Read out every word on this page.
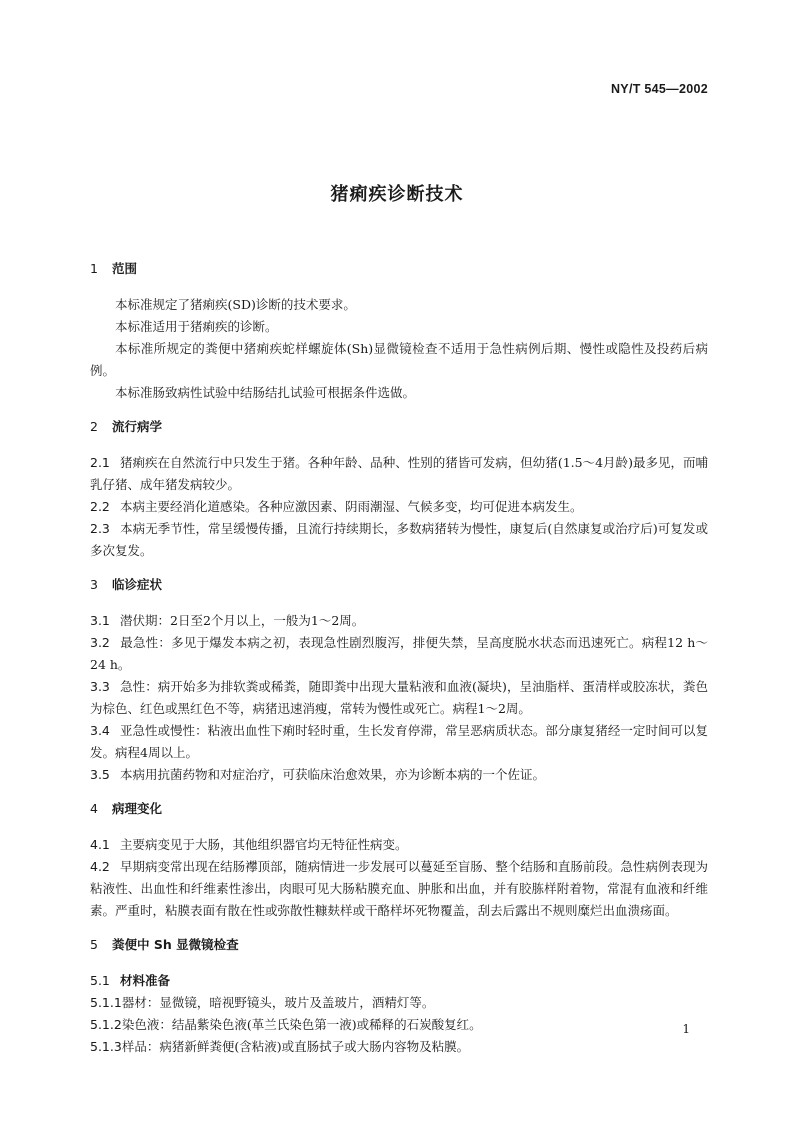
NY/T 545—2002
猪痢疾诊断技术
1 范围

本标准规定了猪痢疾(SD)诊断的技术要求。

本标准适用于猪痢疾的诊断。

本标准所规定的粪便中猪痢疾蛇样螺旋体(Sh)显微镜检查不适用于急性病例后期、慢性或隐性及投药后病例。

本标准肠致病性试验中结肠结扎试验可根据条件选做。

2 流行病学

2.1 猪痢疾在自然流行中只发生于猪。各种年龄、品种、性别的猪皆可发病，但幼猪(1.5～4月龄)最多见，而哺乳仔猪、成年猪发病较少。

2.2 本病主要经消化道感染。各种应激因素、阴雨潮湿、气候多变，均可促进本病发生。

2.3 本病无季节性，常呈缓慢传播，且流行持续期长，多数病猪转为慢性，康复后(自然康复或治疗后)可复发或多次复发。

3 临诊症状

3.1 潜伏期：2日至2个月以上，一般为1～2周。

3.2 最急性：多见于爆发本病之初，表现急性剧烈腹泻，排便失禁，呈高度脱水状态而迅速死亡。病程12 h～24 h。

3.3 急性：病开始多为排软粪或稀粪，随即粪中出现大量粘液和血液(凝块)，呈油脂样、蛋清样或胶冻状，粪色为棕色、红色或黑红色不等，病猪迅速消瘦，常转为慢性或死亡。病程1～2周。

3.4 亚急性或慢性：粘液出血性下痢时轻时重，生长发育停滞，常呈恶病质状态。部分康复猪经一定时间可以复发。病程4周以上。

3.5 本病用抗菌药物和对症治疗，可获临床治愈效果，亦为诊断本病的一个佐证。

4 病理变化

4.1 主要病变见于大肠，其他组织器官均无特征性病变。

4.2 早期病变常出现在结肠襻顶部，随病情进一步发展可以蔓延至盲肠、整个结肠和直肠前段。急性病例表现为粘液性、出血性和纤维素性渗出，肉眼可见大肠粘膜充血、肿胀和出血，并有胶胨样附着物，常混有血液和纤维素。严重时，粘膜表面有散在性或弥散性糠麸样或干酪样坏死物覆盖，刮去后露出不规则糜烂出血溃疡面。

5 粪便中 Sh 显微镜检查

5.1 材料准备

5.1.1器材：显微镜，暗视野镜头，玻片及盖玻片，酒精灯等。

5.1.2染色液：结晶紫染色液(革兰氏染色第一液)或稀释的石炭酸复红。

5.1.3样品：病猪新鲜粪便(含粘液)或直肠拭子或大肠内容物及粘膜。

1
